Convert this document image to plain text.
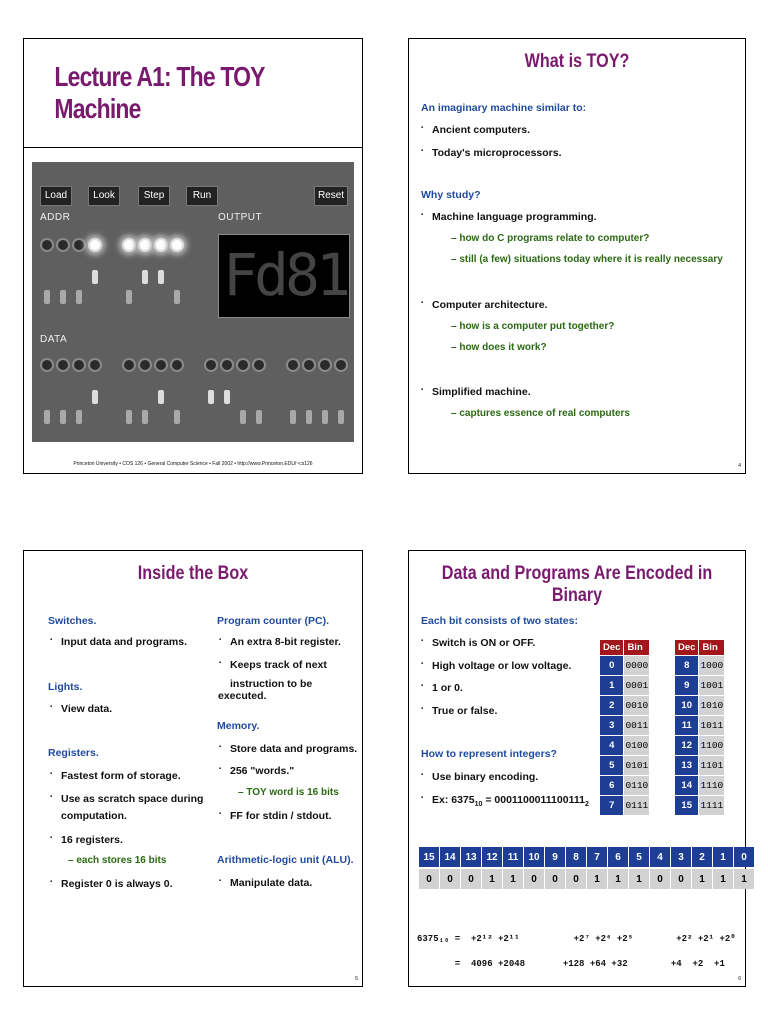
Lecture A1: The TOY Machine
Load	Look	Step	Run	Reset
ADDR	OUTPUT
F
d
8
1
DATA
Princeton University • COS 126 • General Computer Science • Fall 2002 • http://www.Princeton.EDU/~cs126
What is TOY?
An imaginary machine similar to:
▪ Ancient computers.
▪ Today's microprocessors.
Why study?
▪ Machine language programming.
– how do C programs relate to computer?
– still (a few) situations today where it is really necessary
▪ Computer architecture.
– how is a computer put together?
– how does it work?
▪ Simplified machine.
– captures essence of real computers
4
Inside the Box
Switches.
▪ Input data and programs.
Lights.
▪ View data.
Registers.
▪ Fastest form of storage.
▪ Use as scratch space during
▪ computation.
▪ 16 registers.
– each stores 16 bits
▪ Register 0 is always 0.
Program counter (PC).
▪ An extra 8-bit register.
▪ Keeps track of next
▪ instruction to be executed.
Memory.
▪ Store data and programs.
▪ 256 "words."
– TOY word is 16 bits
▪ FF for stdin / stdout.
Arithmetic-logic unit (ALU).
▪ Manipulate data.
5
Data and Programs Are Encoded in Binary
Each bit consists of two states:
▪ Switch is ON or OFF.
▪ High voltage or low voltage.
▪ 1 or 0.
▪ True or false.
How to represent integers?
▪ Use binary encoding.
▪ Ex: $6375_{10} = 0001100011100111_2$
Dec	Bin
0	0000
1	0001
2	0010
3	0011
4	0100
5	0101
6	0110
7	0111
Dec	Bin
8	1000
9	1001
10	1010
11	1011
12	1100
13	1101
14	1110
15	1111
15 14 13 12	11	10	9	8	7	6	5	4	3	2	1	0
0	0	0	1	1	0	0	0	1	1	1	0	0	1	1	1
6375₁₀ =  +2¹² +2¹¹          +2⁷ +2⁶ +2⁵        +2² +2¹ +2⁰
=  4096 +2048       +128 +64 +32        +4  +2  +1
6
